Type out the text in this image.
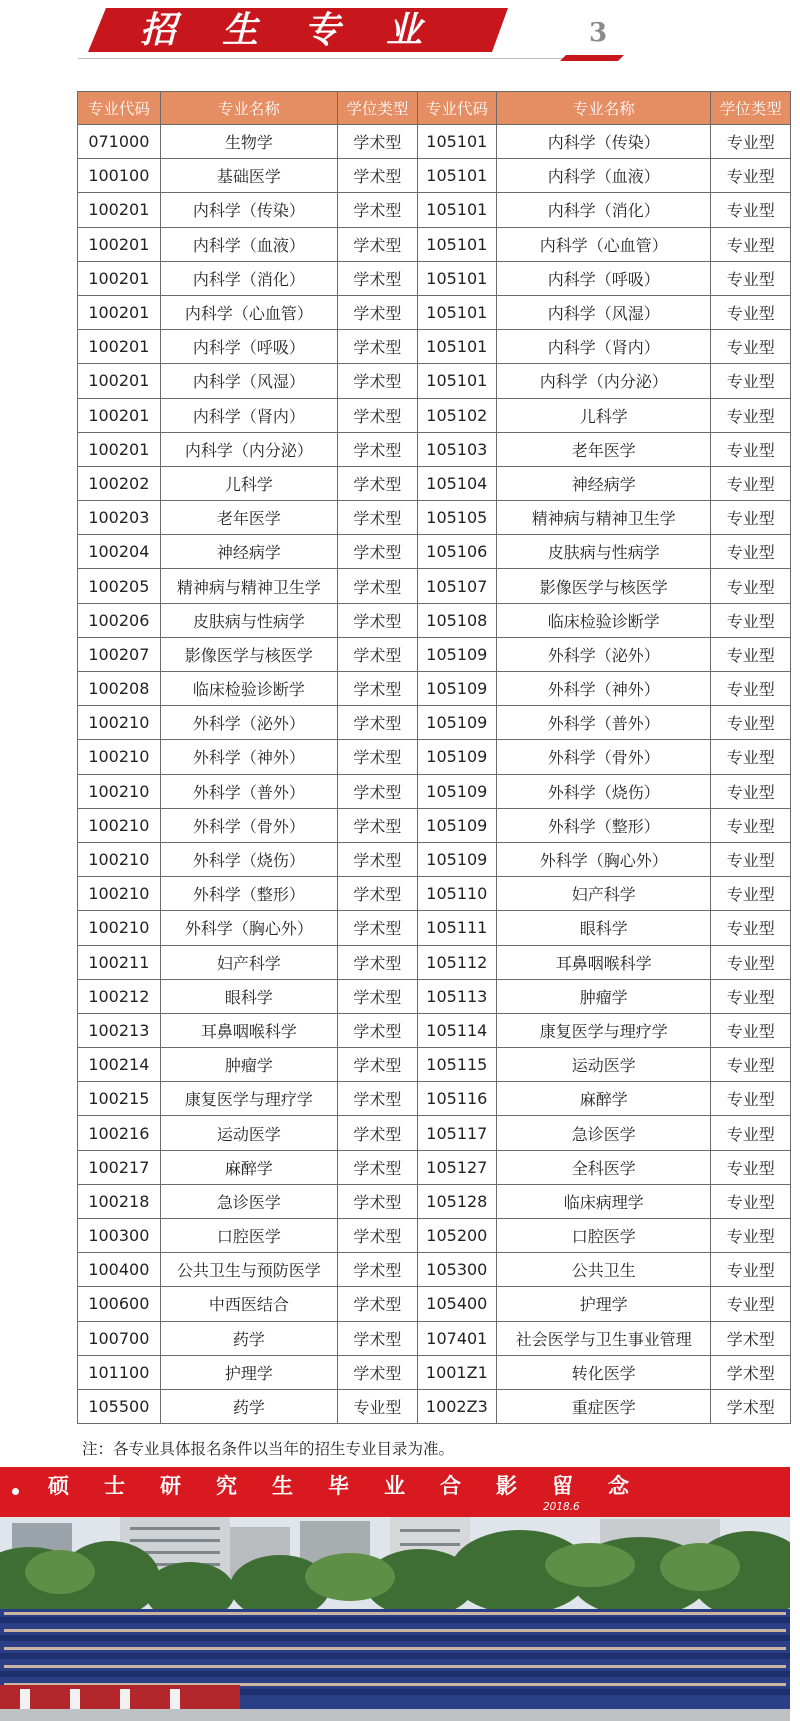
招生专业	3
专业代码	专业名称	学位类型	专业代码	专业名称	学位类型
071000	生物学	学术型	105101	内科学（传染）	专业型
100100	基础医学	学术型	105101	内科学（血液）	专业型
100201	内科学（传染）	学术型	105101	内科学（消化）	专业型
100201	内科学（血液）	学术型	105101	内科学（心血管）	专业型
100201	内科学（消化）	学术型	105101	内科学（呼吸）	专业型
100201	内科学（心血管）	学术型	105101	内科学（风湿）	专业型
100201	内科学（呼吸）	学术型	105101	内科学（肾内）	专业型
100201	内科学（风湿）	学术型	105101	内科学（内分泌）	专业型
100201	内科学（肾内）	学术型	105102	儿科学	专业型
100201	内科学（内分泌）	学术型	105103	老年医学	专业型
100202	儿科学	学术型	105104	神经病学	专业型
100203	老年医学	学术型	105105	精神病与精神卫生学	专业型
100204	神经病学	学术型	105106	皮肤病与性病学	专业型
100205	精神病与精神卫生学	学术型	105107	影像医学与核医学	专业型
100206	皮肤病与性病学	学术型	105108	临床检验诊断学	专业型
100207	影像医学与核医学	学术型	105109	外科学（泌外）	专业型
100208	临床检验诊断学	学术型	105109	外科学（神外）	专业型
100210	外科学（泌外）	学术型	105109	外科学（普外）	专业型
100210	外科学（神外）	学术型	105109	外科学（骨外）	专业型
100210	外科学（普外）	学术型	105109	外科学（烧伤）	专业型
100210	外科学（骨外）	学术型	105109	外科学（整形）	专业型
100210	外科学（烧伤）	学术型	105109	外科学（胸心外）	专业型
100210	外科学（整形）	学术型	105110	妇产科学	专业型
100210	外科学（胸心外）	学术型	105111	眼科学	专业型
100211	妇产科学	学术型	105112	耳鼻咽喉科学	专业型
100212	眼科学	学术型	105113	肿瘤学	专业型
100213	耳鼻咽喉科学	学术型	105114	康复医学与理疗学	专业型
100214	肿瘤学	学术型	105115	运动医学	专业型
100215	康复医学与理疗学	学术型	105116	麻醉学	专业型
100216	运动医学	学术型	105117	急诊医学	专业型
100217	麻醉学	学术型	105127	全科医学	专业型
100218	急诊医学	学术型	105128	临床病理学	专业型
100300	口腔医学	学术型	105200	口腔医学	专业型
100400	公共卫生与预防医学	学术型	105300	公共卫生	专业型
100600	中西医结合	学术型	105400	护理学	专业型
100700	药学	学术型	107401	社会医学与卫生事业管理	学术型
101100	护理学	学术型	1001Z1	转化医学	学术型
105500	药学	专业型	1002Z3	重症医学	学术型
注：各专业具体报名条件以当年的招生专业目录为准。
硕士研究生毕业合影留念
2018.6
